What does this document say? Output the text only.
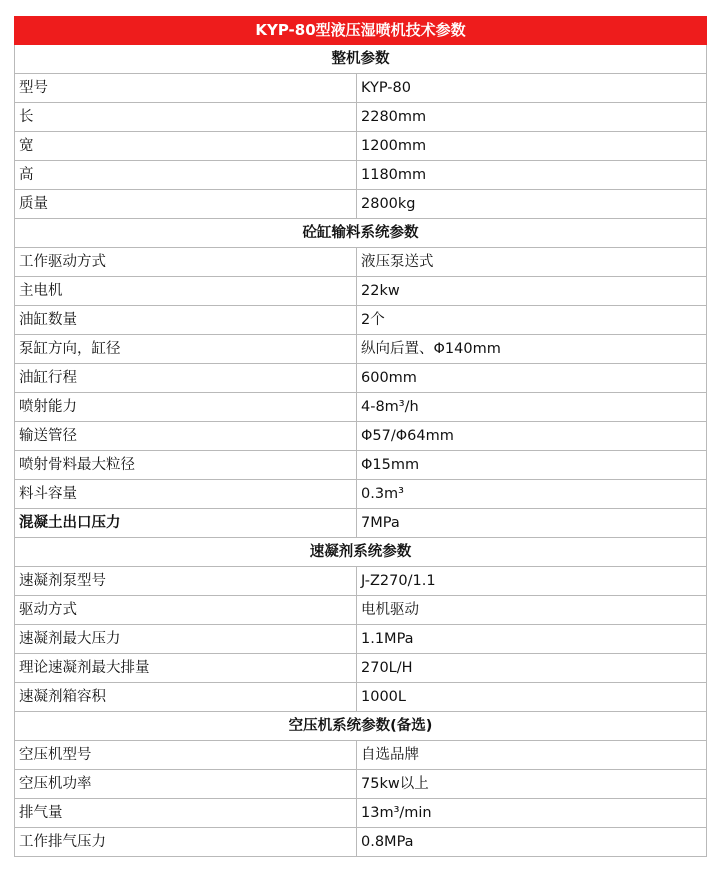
KYP-80型液压湿喷机技术参数	
整机参数	
型号	KYP-80
长	2280mm
宽	1200mm
高	1180mm
质量	2800kg
砼缸输料系统参数	
工作驱动方式	液压泵送式
主电机	22kw
油缸数量	2个
泵缸方向，缸径	纵向后置、Φ140mm
油缸行程	600mm
喷射能力	4-8m³/h
输送管径	Φ57/Φ64mm
喷射骨料最大粒径	Φ15mm
料斗容量	0.3m³
混凝土出口压力	7MPa
速凝剂系统参数	
速凝剂泵型号	J-Z270/1.1
驱动方式	电机驱动
速凝剂最大压力	1.1MPa
理论速凝剂最大排量	270L/H
速凝剂箱容积	1000L
空压机系统参数(备选)	
空压机型号	自选品牌
空压机功率	75kw以上
排气量	13m³/min
工作排气压力	0.8MPa
